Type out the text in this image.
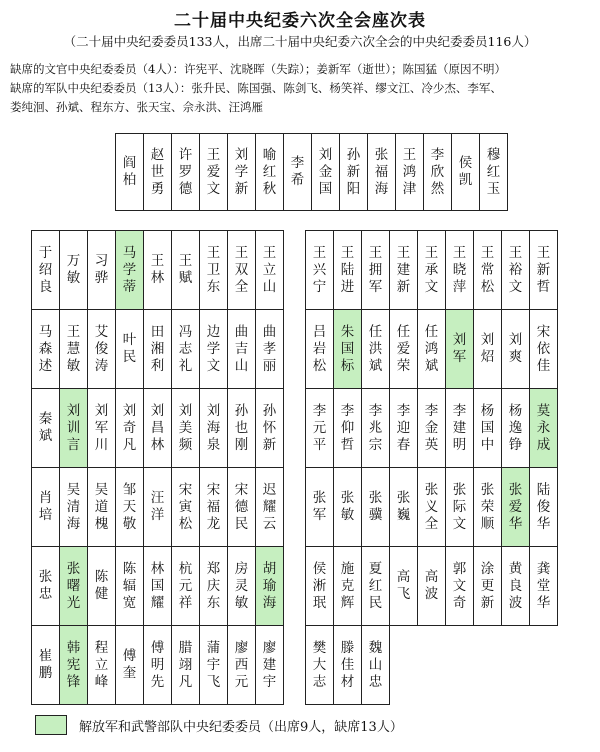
二十届中央纪委六次全会座次表
（二十届中央纪委委员133人，出席二十届中央纪委六次全会的中央纪委委员116人）
缺席的文官中央纪委委员（4人）：许宪平、沈晓晖（失踪）；姜新军（逝世）；陈国猛（原因不明）
缺席的军队中央纪委委员（13人）：张升民、陈国强、陈剑飞、杨笑祥、缪文江、冷少杰、李军、
娄纯洄、孙斌、程东方、张天宝、佘永洪、汪鸿雁
阎柏	赵世勇	许罗德	王爱文	刘学新	喻红秋	李希	刘金国	孙新阳	张福海	王鸿津	李欣然	侯凯	穆红玉
于绍良	万敏	习骅	马学蒂	王林	王赋	王卫东	王双全	王立山
马森述	王慧敏	艾俊涛	叶民	田湘利	冯志礼	边学文	曲吉山	曲孝丽
秦斌	刘训言	刘军川	刘奇凡	刘昌林	刘美频	刘海泉	孙也刚	孙怀新
肖培	吴清海	吴道槐	邹天敬	汪洋	宋寅松	宋福龙	宋德民	迟耀云
张忠	张曙光	陈健	陈辐宽	林国耀	杭元祥	郑庆东	房灵敏	胡瑜海
崔鹏	韩宪锋	程立峰	傅奎	傅明先	腊翊凡	蒲宇飞	廖西元	廖建宇
王兴宁	王陆进	王拥军	王建新	王承文	王晓萍	王常松	王裕文	王新哲
吕岩松	朱国标	任洪斌	任爱荣	任鸿斌	刘军	刘炤	刘爽	宋依佳
李元平	李仰哲	李兆宗	李迎春	李金英	李建明	杨国中	杨逸铮	莫永成
张军	张敏	张骥	张巍	张义全	张际文	张荣顺	张爱华	陆俊华
侯淅珉	施克辉	夏红民	高飞	高波	郭文奇	涂更新	黄良波	龚堂华
樊大志	滕佳材	魏山忠						
解放军和武警部队中央纪委委员（出席9人，缺席13人）
